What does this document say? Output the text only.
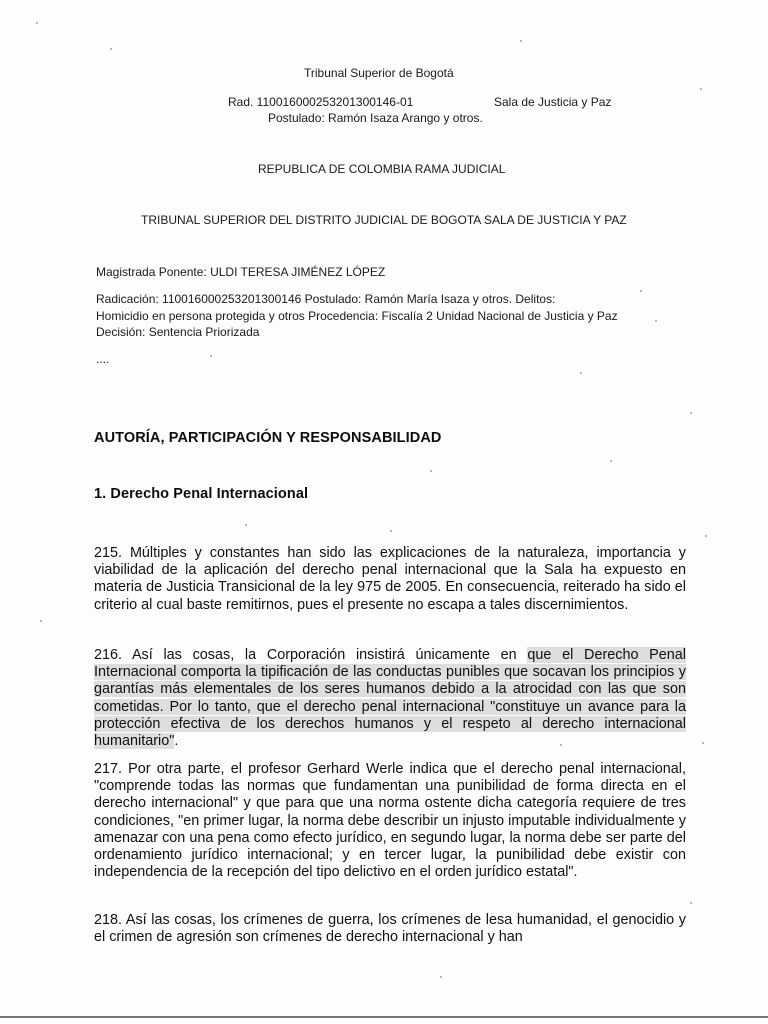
Tribunal Superior de Bogotá
Rad. 110016000253201300146-01	Sala de Justicia y Paz
Postulado: Ramón Isaza Arango y otros.
REPUBLICA DE COLOMBIA RAMA JUDICIAL
TRIBUNAL SUPERIOR DEL DISTRITO JUDICIAL DE BOGOTA SALA DE JUSTICIA Y PAZ
Magistrada Ponente: ULDI TERESA JIMÉNEZ LÓPEZ
Radicación: 110016000253201300146 Postulado: Ramón María Isaza y otros. Delitos:
Homicidio en persona protegida y otros Procedencia: Fiscalía 2 Unidad Nacional de Justicia y Paz
Decisión: Sentencia Priorizada
....
AUTORÍA, PARTICIPACIÓN Y RESPONSABILIDAD
1. Derecho Penal Internacional
215. Múltiples y constantes han sido las explicaciones de la naturaleza, importancia y viabilidad de la aplicación del derecho penal internacional que la Sala ha expuesto en materia de Justicia Transicional de la ley 975 de 2005. En consecuencia, reiterado ha sido el criterio al cual baste remitirnos, pues el presente no escapa a tales discernimientos.
216. Así las cosas, la Corporación insistirá únicamente en que el Derecho Penal Internacional comporta la tipificación de las conductas punibles que socavan los principios y garantías más elementales de los seres humanos debido a la atrocidad con las que son cometidas. Por lo tanto, que el derecho penal internacional "constituye un avance para la protección efectiva de los derechos humanos y el respeto al derecho internacional humanitario".
217. Por otra parte, el profesor Gerhard Werle indica que el derecho penal internacional, "comprende todas las normas que fundamentan una punibilidad de forma directa en el derecho internacional" y que para que una norma ostente dicha categoría requiere de tres condiciones, "en primer lugar, la norma debe describir un injusto imputable individualmente y amenazar con una pena como efecto jurídico, en segundo lugar, la norma debe ser parte del ordenamiento jurídico internacional; y en tercer lugar, la punibilidad debe existir con independencia de la recepción del tipo delictivo en el orden jurídico estatal".
218. Así las cosas, los crímenes de guerra, los crímenes de lesa humanidad, el genocidio y el crimen de agresión son crímenes de derecho internacional y han
